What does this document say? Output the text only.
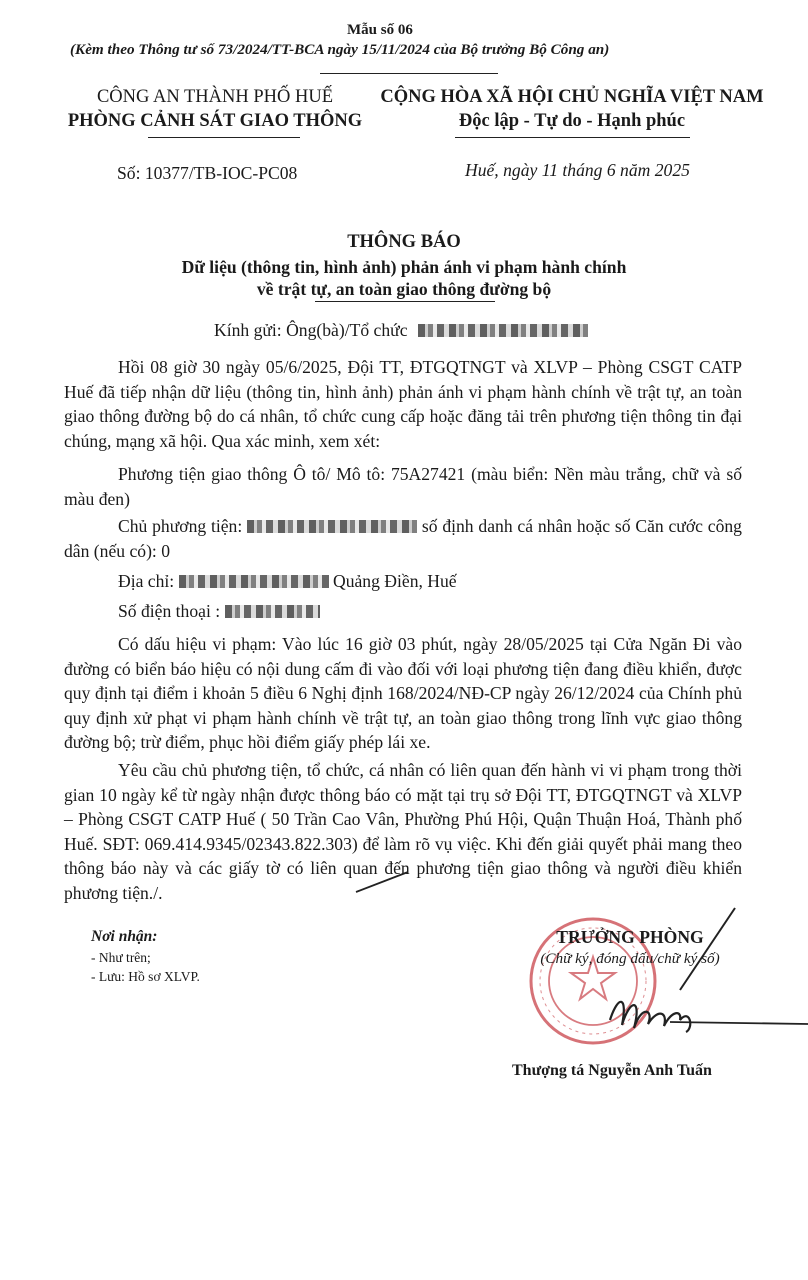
Mẫu số 06
(Kèm theo Thông tư số 73/2024/TT-BCA ngày 15/11/2024 của Bộ trưởng Bộ Công an)
CÔNG AN THÀNH PHỐ HUẾ
PHÒNG CẢNH SÁT GIAO THÔNG
CỘNG HÒA XÃ HỘI CHỦ NGHĨA VIỆT NAM
Độc lập - Tự do - Hạnh phúc
Số: 10377/TB-IOC-PC08	Huế, ngày 11 tháng 6 năm 2025
THÔNG BÁO
Dữ liệu (thông tin, hình ảnh) phản ánh vi phạm hành chính
về trật tự, an toàn giao thông đường bộ
Kính gửi: Ông(bà)/Tổ chức
Hồi 08 giờ 30 ngày 05/6/2025, Đội TT, ĐTGQTNGT và XLVP – Phòng CSGT CATP Huế đã tiếp nhận dữ liệu (thông tin, hình ảnh) phản ánh vi phạm hành chính về trật tự, an toàn giao thông đường bộ do cá nhân, tổ chức cung cấp hoặc đăng tải trên phương tiện thông tin đại chúng, mạng xã hội. Qua xác minh, xem xét:
Phương tiện giao thông Ô tô/ Mô tô: 75A27421 (màu biển: Nền màu trắng, chữ và số màu đen)
Chủ phương tiện:	số định danh cá nhân hoặc số Căn cước công dân (nếu có): 0
Địa chỉ:	Quảng Điền, Huế
Số điện thoại :
Có dấu hiệu vi phạm: Vào lúc 16 giờ 03 phút, ngày 28/05/2025 tại Cửa Ngăn Đi vào đường có biển báo hiệu có nội dung cấm đi vào đối với loại phương tiện đang điều khiển, được quy định tại điểm i khoản 5 điều 6 Nghị định 168/2024/NĐ-CP ngày 26/12/2024 của Chính phủ quy định xử phạt vi phạm hành chính về trật tự, an toàn giao thông trong lĩnh vực giao thông đường bộ; trừ điểm, phục hồi điểm giấy phép lái xe.
Yêu cầu chủ phương tiện, tổ chức, cá nhân có liên quan đến hành vi vi phạm trong thời gian 10 ngày kể từ ngày nhận được thông báo có mặt tại trụ sở Đội TT, ĐTGQTNGT và XLVP – Phòng CSGT CATP Huế ( 50 Trần Cao Vân, Phường Phú Hội, Quận Thuận Hoá, Thành phố Huế. SĐT: 069.414.9345/02343.822.303) để làm rõ vụ việc. Khi đến giải quyết phải mang theo thông báo này và các giấy tờ có liên quan đến phương tiện giao thông và người điều khiển phương tiện./.
Nơi nhận:
- Như trên;
- Lưu: Hồ sơ XLVP.
TRƯỞNG PHÒNG
(Chữ ký, đóng dấu/chữ ký số)
Thượng tá Nguyễn Anh Tuấn
